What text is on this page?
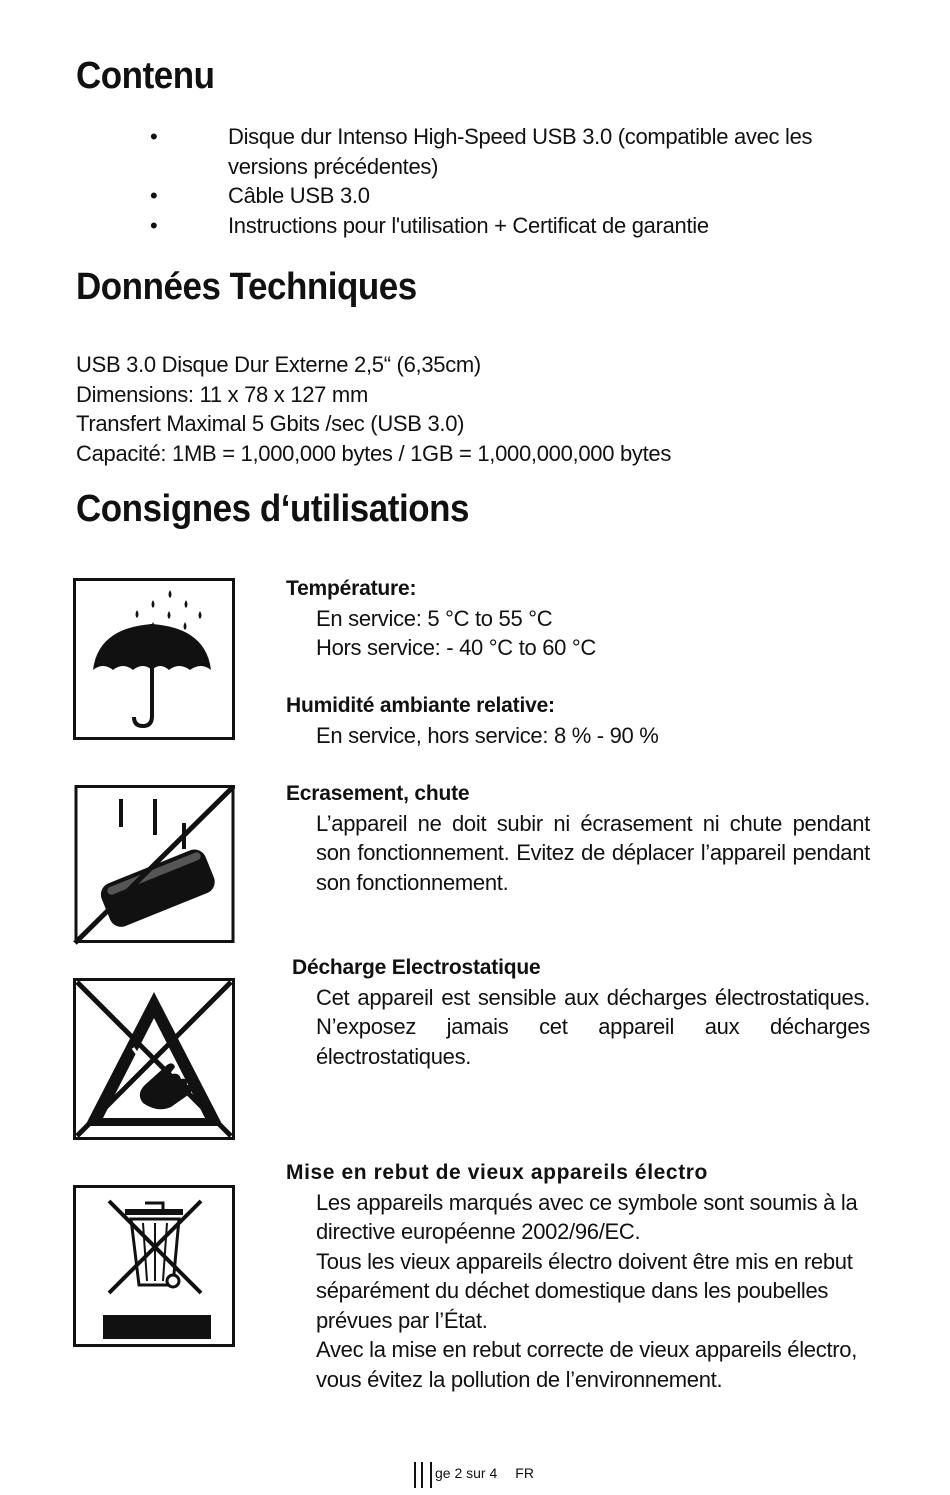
Contenu
• Disque dur Intenso High-Speed USB 3.0 (compatible avec les versions précédentes)
• Câble USB 3.0
• Instructions pour l'utilisation + Certificat de garantie
Données Techniques
USB 3.0 Disque Dur Externe 2,5“ (6,35cm)
Dimensions: 11 x 78 x 127 mm
Transfert Maximal 5 Gbits /sec (USB 3.0)
Capacité: 1MB = 1,000,000 bytes / 1GB = 1,000,000,000 bytes
Consignes d‘utilisations
Température:
En service: 5 °C to 55 °C
Hors service: - 40 °C to 60 °C
Humidité ambiante relative:
En service, hors service: 8 % - 90 %
Ecrasement, chute
L’appareil ne doit subir ni écrasement ni chute pendant son fonctionnement. Evitez de déplacer l’appareil pendant son fonctionnement.
Décharge Electrostatique
Cet appareil est sensible aux décharges électrostatiques. N’exposez jamais cet appareil aux décharges électrostatiques.
Mise en rebut de vieux appareils électro
Les appareils marqués avec ce symbole sont soumis à la directive européenne 2002/96/EC.
Tous les vieux appareils électro doivent être mis en rebut séparément du déchet domestique dans les poubelles prévues par l’État.
Avec la mise en rebut correcte de vieux appareils électro, vous évitez la pollution de l’environnement.
ge 2 sur 4 FR
